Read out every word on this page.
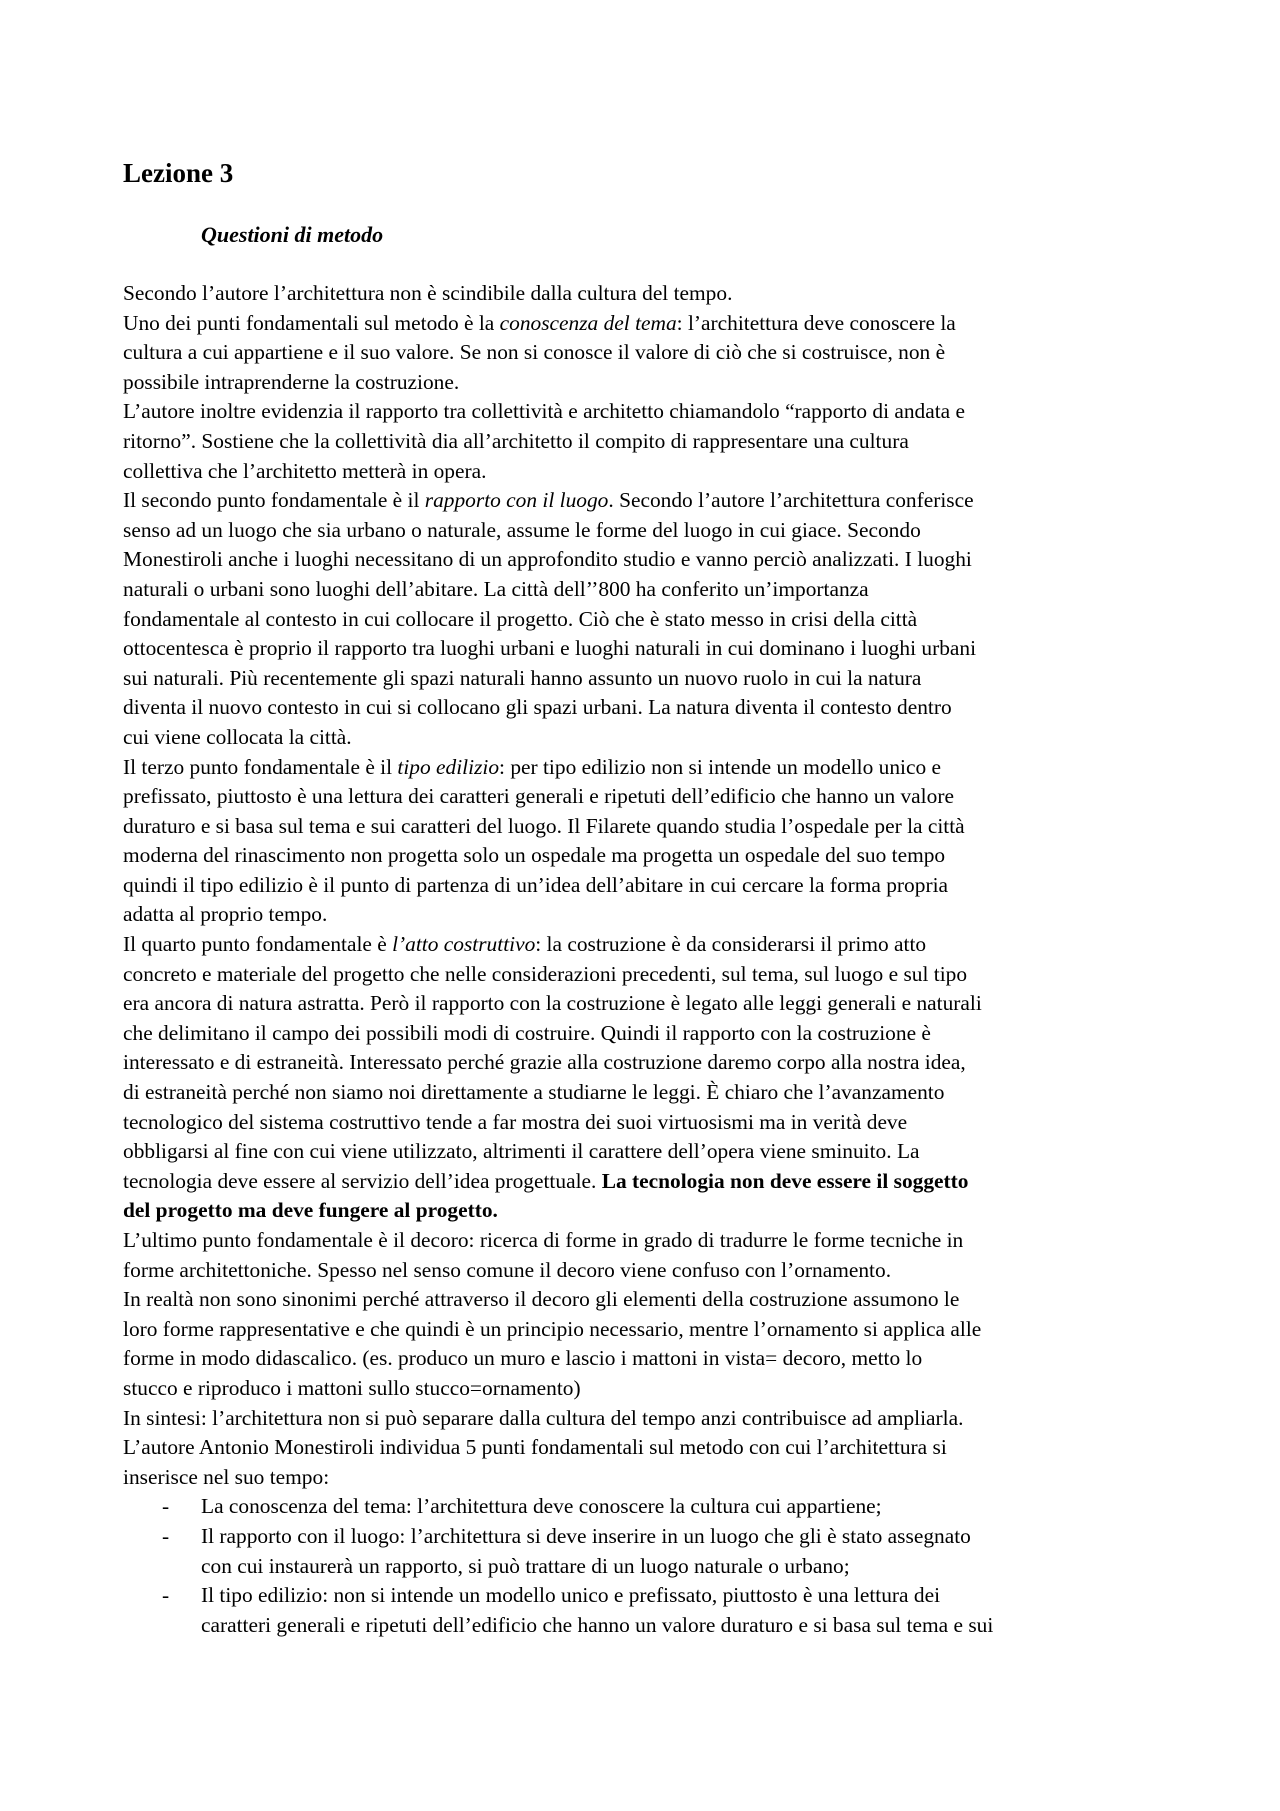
Lezione 3
Questioni di metodo

Secondo l’autore l’architettura non è scindibile dalla cultura del tempo.

Uno dei punti fondamentali sul metodo è la conoscenza del tema: l’architettura deve conoscere la

cultura a cui appartiene e il suo valore. Se non si conosce il valore di ciò che si costruisce, non è

possibile intraprenderne la costruzione.

L’autore inoltre evidenzia il rapporto tra collettività e architetto chiamandolo “rapporto di andata e

ritorno”. Sostiene che la collettività dia all’architetto il compito di rappresentare una cultura

collettiva che l’architetto metterà in opera.

Il secondo punto fondamentale è il rapporto con il luogo. Secondo l’autore l’architettura conferisce

senso ad un luogo che sia urbano o naturale, assume le forme del luogo in cui giace. Secondo

Monestiroli anche i luoghi necessitano di un approfondito studio e vanno perciò analizzati. I luoghi

naturali o urbani sono luoghi dell’abitare. La città dell’’800 ha conferito un’importanza

fondamentale al contesto in cui collocare il progetto. Ciò che è stato messo in crisi della città

ottocentesca è proprio il rapporto tra luoghi urbani e luoghi naturali in cui dominano i luoghi urbani

sui naturali. Più recentemente gli spazi naturali hanno assunto un nuovo ruolo in cui la natura

diventa il nuovo contesto in cui si collocano gli spazi urbani. La natura diventa il contesto dentro

cui viene collocata la città.

Il terzo punto fondamentale è il tipo edilizio: per tipo edilizio non si intende un modello unico e

prefissato, piuttosto è una lettura dei caratteri generali e ripetuti dell’edificio che hanno un valore

duraturo e si basa sul tema e sui caratteri del luogo. Il Filarete quando studia l’ospedale per la città

moderna del rinascimento non progetta solo un ospedale ma progetta un ospedale del suo tempo

quindi il tipo edilizio è il punto di partenza di un’idea dell’abitare in cui cercare la forma propria

adatta al proprio tempo.

Il quarto punto fondamentale è l’atto costruttivo: la costruzione è da considerarsi il primo atto

concreto e materiale del progetto che nelle considerazioni precedenti, sul tema, sul luogo e sul tipo

era ancora di natura astratta. Però il rapporto con la costruzione è legato alle leggi generali e naturali

che delimitano il campo dei possibili modi di costruire. Quindi il rapporto con la costruzione è

interessato e di estraneità. Interessato perché grazie alla costruzione daremo corpo alla nostra idea,

di estraneità perché non siamo noi direttamente a studiarne le leggi. È chiaro che l’avanzamento

tecnologico del sistema costruttivo tende a far mostra dei suoi virtuosismi ma in verità deve

obbligarsi al fine con cui viene utilizzato, altrimenti il carattere dell’opera viene sminuito. La

tecnologia deve essere al servizio dell’idea progettuale. La tecnologia non deve essere il soggetto

del progetto ma deve fungere al progetto.

L’ultimo punto fondamentale è il decoro: ricerca di forme in grado di tradurre le forme tecniche in

forme architettoniche. Spesso nel senso comune il decoro viene confuso con l’ornamento.

In realtà non sono sinonimi perché attraverso il decoro gli elementi della costruzione assumono le

loro forme rappresentative e che quindi è un principio necessario, mentre l’ornamento si applica alle

forme in modo didascalico. (es. produco un muro e lascio i mattoni in vista= decoro, metto lo

stucco e riproduco i mattoni sullo stucco=ornamento)

In sintesi: l’architettura non si può separare dalla cultura del tempo anzi contribuisce ad ampliarla.

L’autore Antonio Monestiroli individua 5 punti fondamentali sul metodo con cui l’architettura si

inserisce nel suo tempo:

- La conoscenza del tema: l’architettura deve conoscere la cultura cui appartiene;
- Il rapporto con il luogo: l’architettura si deve inserire in un luogo che gli è stato assegnato
con cui instaurerà un rapporto, si può trattare di un luogo naturale o urbano;
- Il tipo edilizio: non si intende un modello unico e prefissato, piuttosto è una lettura dei
caratteri generali e ripetuti dell’edificio che hanno un valore duraturo e si basa sul tema e sui
